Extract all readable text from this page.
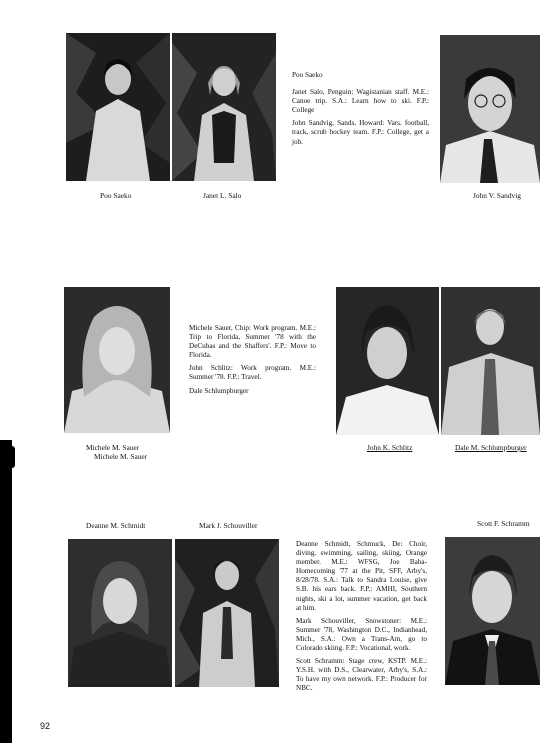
Poo Saeko	Janet L. Salo	John V. Sandvig

Poo Saeko

Janet Salo, Penguin: Wagistanian staff. M.E.: Canoe trip. S.A.: Learn how to ski. F.P.: College

John Sandvig, Sands, Howard: Vars. football, track, scrub hockey team. F.P.: College, get a job.

Michele Sauer, Chip: Work program. M.E.: Trip to Florida, Summer '78 with the DeCubas and the Shaffers'. F.P.: Move to Florida.

John Schlitz: Work program. M.E.: Summer '78. F.P.: Travel.

Dale Schlumpburger

Michele M. Sauer
Michele M. Sauer
John K. Schlitz	Dale M. Schlumpburger
Deanne M. Schmidt	Mark J. Schouviller	Scott F. Schramm

Deanne Schmidt, Schmuck, De: Choir, diving, swimming, sailing, skiing, Orange member. M.E.: WFSG, Joe Baba-Homecoming '77 at the Pit, SFF, Arby's, 8/28/78. S.A.: Talk to Sandra Louise, give S.B. his ears back. F.P.: AMHI, Southern nights, ski a lot, summer vacation, get back at him.

Mark Schouviller, Snowstoner: M.E.: Summer '78, Washington D.C., Indianhead, Mich., S.A.: Own a Trans-Am, go to Colorado skiing. F.P.: Vocational, work.

Scott Schramm: Stage crew, KSTP. M.E.: Y.S.H. with D.S., Clearwater, Arby's, S.A.: To have my own network. F.P.: Producer for NBC.

92
